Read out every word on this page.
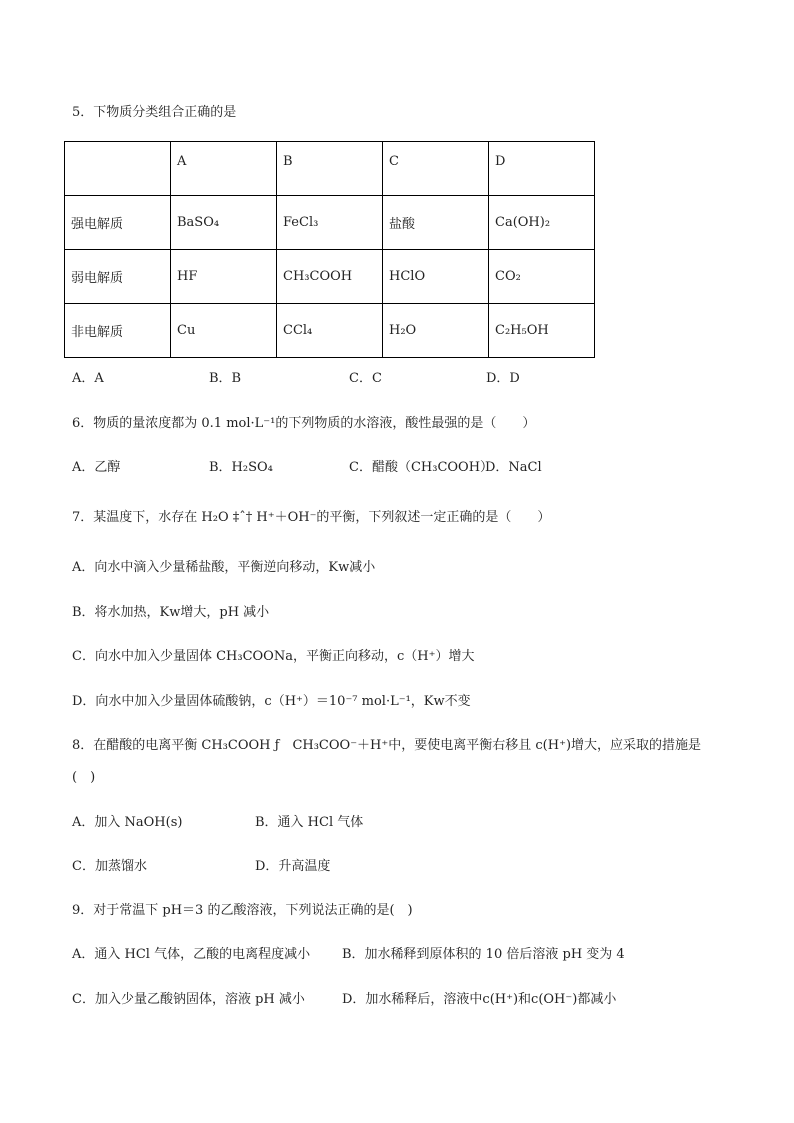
5．下物质分类组合正确的是
	A	B	C	D
强电解质	BaSO₄	FeCl₃	盐酸	Ca(OH)₂
弱电解质	HF	CH₃COOH	HClO	CO₂
非电解质	Cu	CCl₄	H₂O	C₂H₅OH
A．A	B．B	C．C	D．D
6．物质的量浓度都为 0.1 mol·L⁻¹的下列物质的水溶液，酸性最强的是（　　）
A．乙醇	B．H₂SO₄	C．醋酸（CH₃COOH）D．NaCl
7．某温度下，水存在 H₂O ‡ˆ† H⁺＋OH⁻的平衡，下列叙述一定正确的是（　　）
A．向水中滴入少量稀盐酸，平衡逆向移动，Kw减小
B．将水加热，Kw增大，pH 减小
C．向水中加入少量固体 CH₃COONa，平衡正向移动，c（H⁺）增大
D．向水中加入少量固体硫酸钠，c（H⁺）＝10⁻⁷ mol·L⁻¹，Kw不变
8．在醋酸的电离平衡 CH₃COOH ƒ　CH₃COO⁻＋H⁺中，要使电离平衡右移且 c(H⁺)增大，应采取的措施是
(　)
A．加入 NaOH(s)	B．通入 HCl 气体
C．加蒸馏水	D．升高温度
9．对于常温下 pH＝3 的乙酸溶液，下列说法正确的是(　)
A．通入 HCl 气体，乙酸的电离程度减小 B．加水稀释到原体积的 10 倍后溶液 pH 变为 4
C．加入少量乙酸钠固体，溶液 pH 减小	D．加水稀释后，溶液中c(H⁺)和c(OH⁻)都减小
